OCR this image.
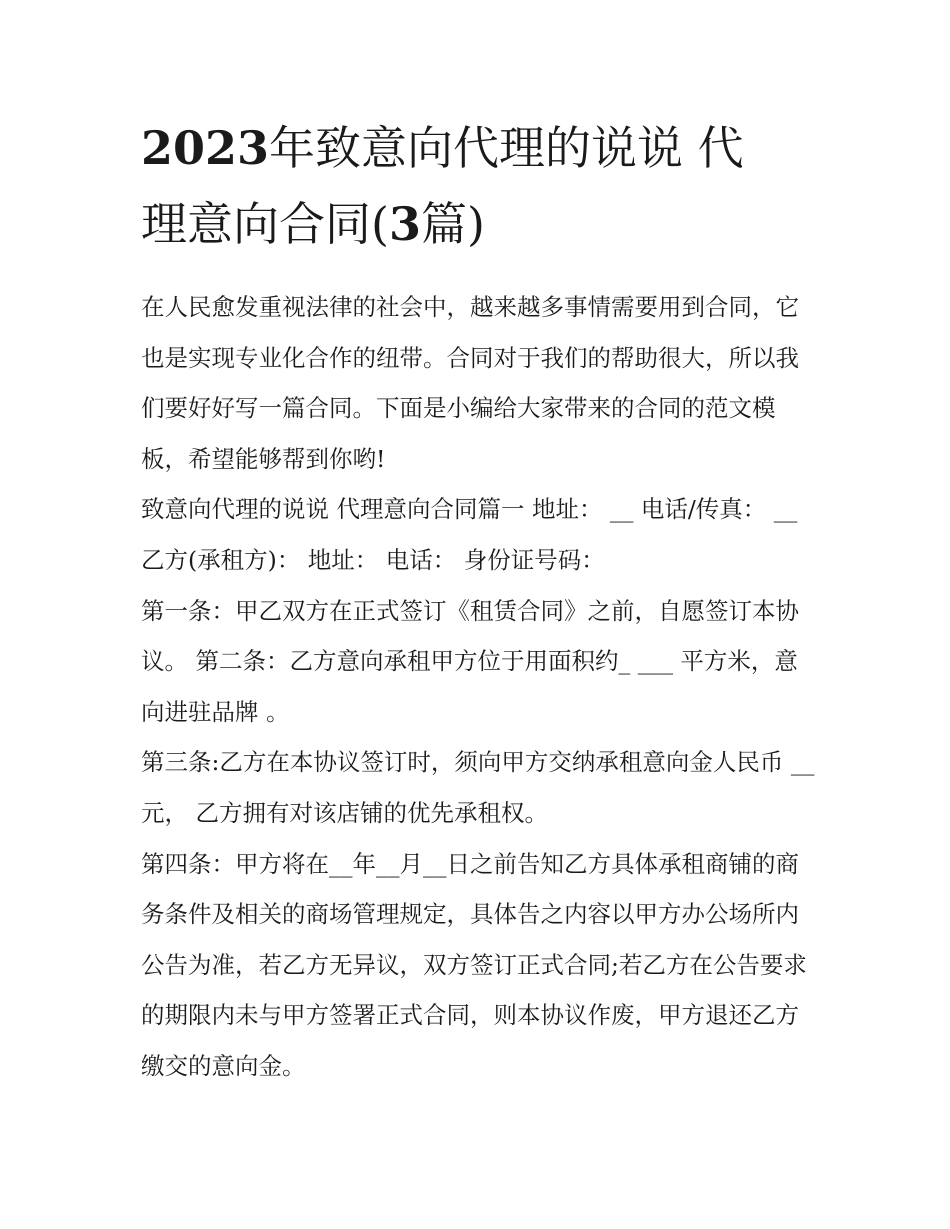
2023年致意向代理的说说 代理意向合同(3篇)

在人民愈发重视法律的社会中，越来越多事情需要用到合同，它也是实现专业化合作的纽带。合同对于我们的帮助很大，所以我们要好好写一篇合同。下面是小编给大家带来的合同的范文模板，希望能够帮到你哟!

致意向代理的说说 代理意向合同篇一 地址： __ 电话/传真： __ 乙方(承租方)： 地址： 电话： 身份证号码：

第一条：甲乙双方在正式签订《租赁合同》之前，自愿签订本协议。 第二条：乙方意向承租甲方位于用面积约_ ___ 平方米，意向进驻品牌 。

第三条:乙方在本协议签订时，须向甲方交纳承租意向金人民币 __ 元， 乙方拥有对该店铺的优先承租权。

第四条：甲方将在__年__月__日之前告知乙方具体承租商铺的商务条件及相关的商场管理规定，具体告之内容以甲方办公场所内公告为准，若乙方无异议，双方签订正式合同;若乙方在公告要求的期限内未与甲方签署正式合同，则本协议作废，甲方退还乙方缴交的意向金。
